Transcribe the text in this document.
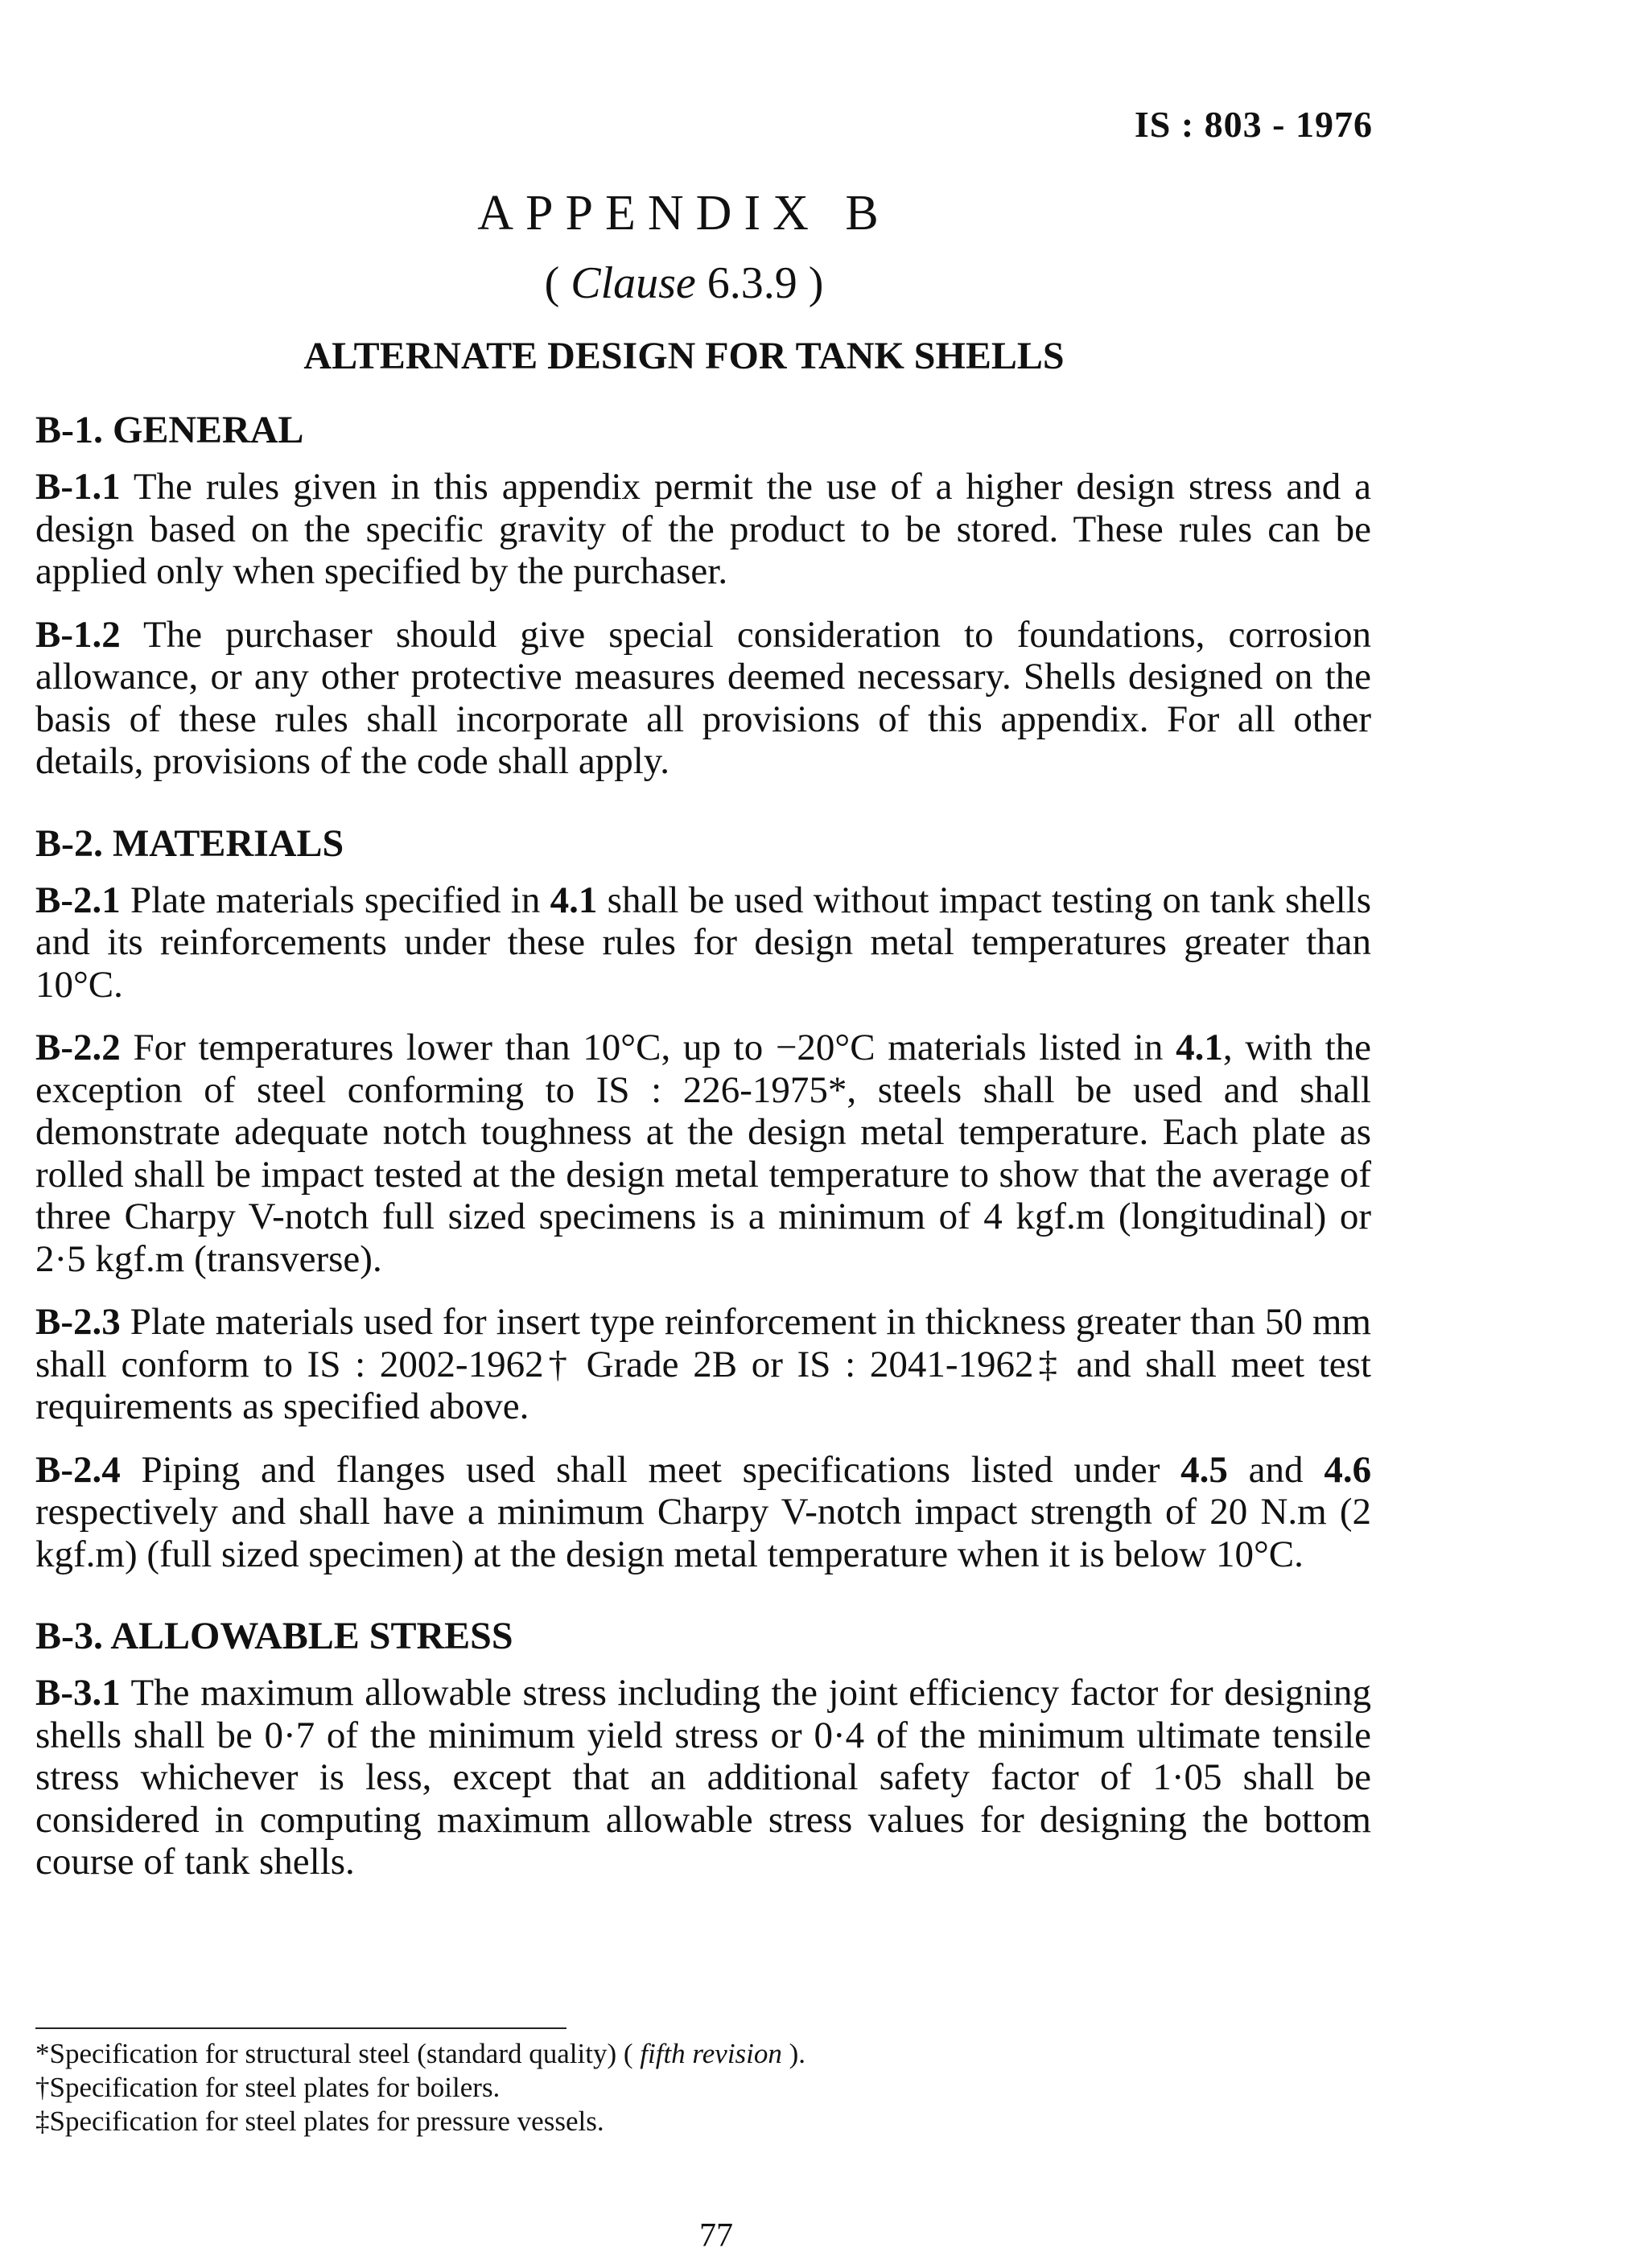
IS : 803 - 1976
APPENDIX B
( Clause 6.3.9 )
ALTERNATE DESIGN FOR TANK SHELLS

B-1. GENERAL

B-1.1 The rules given in this appendix permit the use of a higher design stress and a design based on the specific gravity of the product to be stored. These rules can be applied only when specified by the purchaser.

B-1.2 The purchaser should give special consideration to foundations, corrosion allowance, or any other protective measures deemed necessary. Shells designed on the basis of these rules shall incorporate all provisions of this appendix. For all other details, provisions of the code shall apply.

B-2. MATERIALS

B-2.1 Plate materials specified in 4.1 shall be used without impact testing on tank shells and its reinforcements under these rules for design metal temperatures greater than 10°C.

B-2.2 For temperatures lower than 10°C, up to −20°C materials listed in 4.1, with the exception of steel conforming to IS : 226-1975*, steels shall be used and shall demonstrate adequate notch toughness at the design metal temperature. Each plate as rolled shall be impact tested at the design metal temperature to show that the average of three Charpy V-notch full sized specimens is a minimum of 4 kgf.m (longitudinal) or 2·5 kgf.m (transverse).

B-2.3 Plate materials used for insert type reinforcement in thickness greater than 50 mm shall conform to IS : 2002-1962† Grade 2B or IS : 2041-1962‡ and shall meet test requirements as specified above.

B-2.4 Piping and flanges used shall meet specifications listed under 4.5 and 4.6 respectively and shall have a minimum Charpy V-notch impact strength of 20 N.m (2 kgf.m) (full sized specimen) at the design metal temperature when it is below 10°C.

B-3. ALLOWABLE STRESS

B-3.1 The maximum allowable stress including the joint efficiency factor for designing shells shall be 0·7 of the minimum yield stress or 0·4 of the minimum ultimate tensile stress whichever is less, except that an additional safety factor of 1·05 shall be considered in computing maximum allowable stress values for designing the bottom course of tank shells.

*Specification for structural steel (standard quality) ( fifth revision ).

†Specification for steel plates for boilers.

‡Specification for steel plates for pressure vessels.

77
